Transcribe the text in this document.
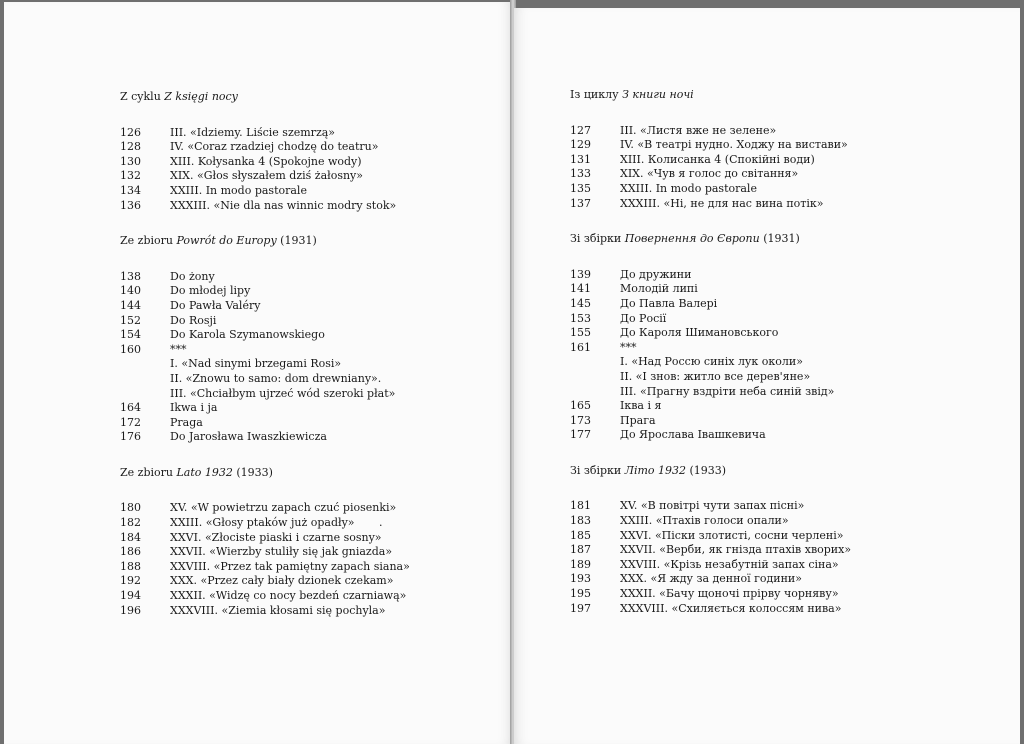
Z cyklu Z księgi nocy
126	III. «Idziemy. Liście szemrzą»
128	IV. «Coraz rzadziej chodzę do teatru»
130	XIII. Kołysanka 4 (Spokojne wody)
132	XIX. «Głos słyszałem dziś żałosny»
134	XXIII. In modo pastorale
136	XXXIII. «Nie dla nas winnic modry stok»
Ze zbioru Powrót do Europy (1931)
138	Do żony
140	Do młodej lipy
144	Do Pawła Valéry
152	Do Rosji
154	Do Karola Szymanowskiego
160	***
I. «Nad sinymi brzegami Rosi»
II. «Znowu to samo: dom drewniany».
III. «Chciałbym ujrzeć wód szeroki płat»
164	Ikwa i ja
172	Praga
176	Do Jarosława Iwaszkiewicza
Ze zbioru Lato 1932 (1933)
180	XV. «W powietrzu zapach czuć piosenki»
182	XXIII. «Głosy ptaków już opadły»       .
184	XXVI. «Złociste piaski i czarne sosny»
186	XXVII. «Wierzby stuliły się jak gniazda»
188	XXVIII. «Przez tak pamiętny zapach siana»
192	XXX. «Przez cały biały dzionek czekam»
194	XXXII. «Widzę co nocy bezdeń czarniawą»
196	XXXVIII. «Ziemia kłosami się pochyla»
Із циклу З книги ночі
127	III. «Листя вже не зелене»
129	IV. «В театрі нудно. Ходжу на вистави»
131	XIII. Колисанка 4 (Спокійні води)
133	XIX. «Чув я голос до світання»
135	XXIII. In modo pastorale
137	XXXIII. «Ні, не для нас вина потік»
Зі збірки Повернення до Європи (1931)
139	До дружини
141	Молодій липі
145	До Павла Валері
153	До Росії
155	До Кароля Шимановського
161	***
I. «Над Россю синіх лук околи»
II. «І знов: житло все дерев'яне»
III. «Прагну вздріти неба синій звід»
165	Іква і я
173	Прага
177	До Ярослава Івашкевича
Зі збірки Літо 1932 (1933)
181	XV. «В повітрі чути запах пісні»
183	XXIII. «Птахів голоси опали»
185	XXVI. «Піски злотисті, сосни черлені»
187	XXVII. «Верби, як гнізда птахів хворих»
189	XXVIII. «Крізь незабутній запах сіна»
193	XXX. «Я жду за денної години»
195	XXXII. «Бачу щоночі прірву чорняву»
197	XXXVIII. «Схиляється колоссям нива»
